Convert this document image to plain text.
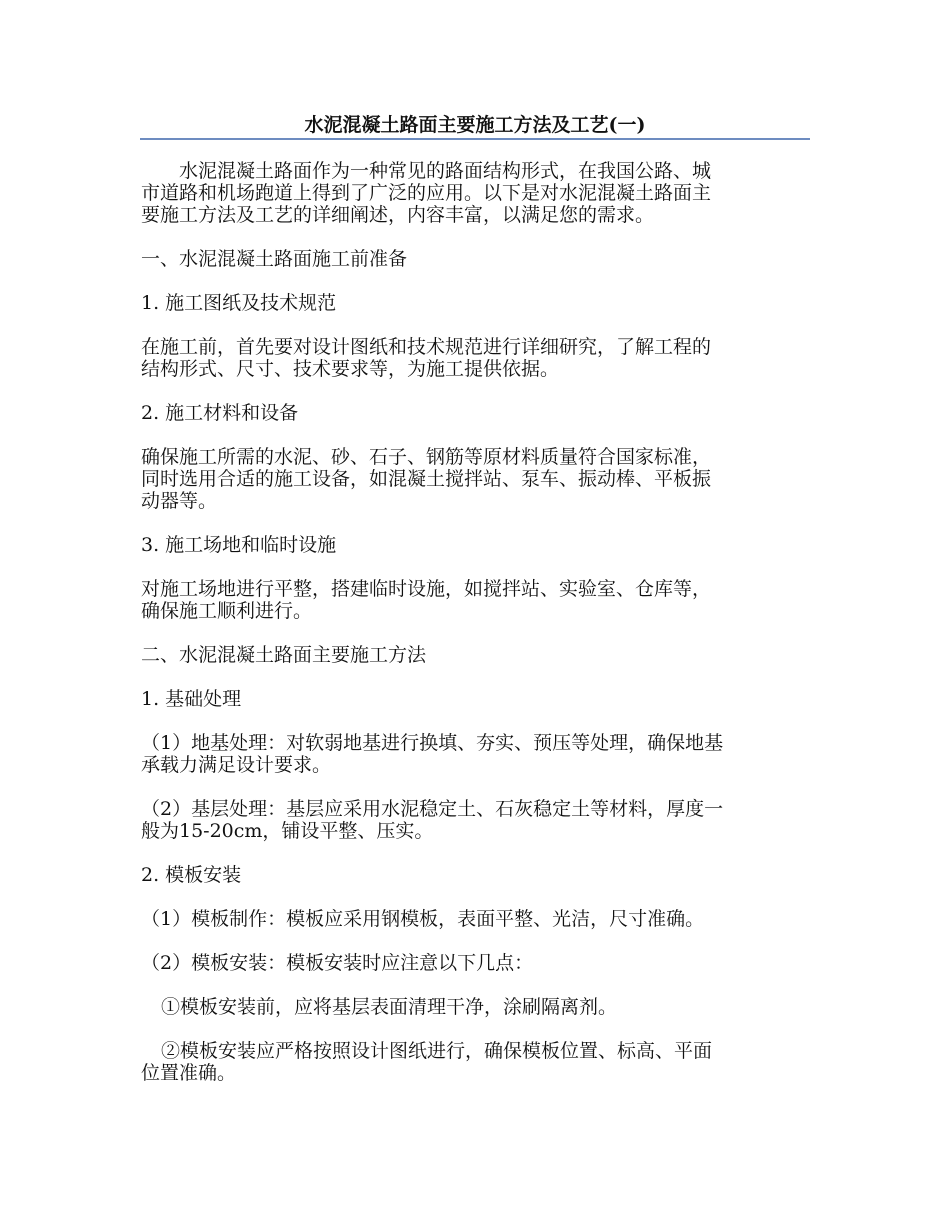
水泥混凝土路面主要施工方法及工艺(一)
水泥混凝土路面作为一种常见的路面结构形式，在我国公路、城
市道路和机场跑道上得到了广泛的应用。以下是对水泥混凝土路面主
要施工方法及工艺的详细阐述，内容丰富，以满足您的需求。
一、水泥混凝土路面施工前准备
1. 施工图纸及技术规范
在施工前，首先要对设计图纸和技术规范进行详细研究，了解工程的
结构形式、尺寸、技术要求等，为施工提供依据。
2. 施工材料和设备
确保施工所需的水泥、砂、石子、钢筋等原材料质量符合国家标准，
同时选用合适的施工设备，如混凝土搅拌站、泵车、振动棒、平板振
动器等。
3. 施工场地和临时设施
对施工场地进行平整，搭建临时设施，如搅拌站、实验室、仓库等，
确保施工顺利进行。
二、水泥混凝土路面主要施工方法
1. 基础处理
（1）地基处理：对软弱地基进行换填、夯实、预压等处理，确保地基
承载力满足设计要求。
（2）基层处理：基层应采用水泥稳定土、石灰稳定土等材料，厚度一
般为15-20cm，铺设平整、压实。
2. 模板安装
（1）模板制作：模板应采用钢模板，表面平整、光洁，尺寸准确。
（2）模板安装：模板安装时应注意以下几点：
①模板安装前，应将基层表面清理干净，涂刷隔离剂。
②模板安装应严格按照设计图纸进行，确保模板位置、标高、平面
位置准确。
